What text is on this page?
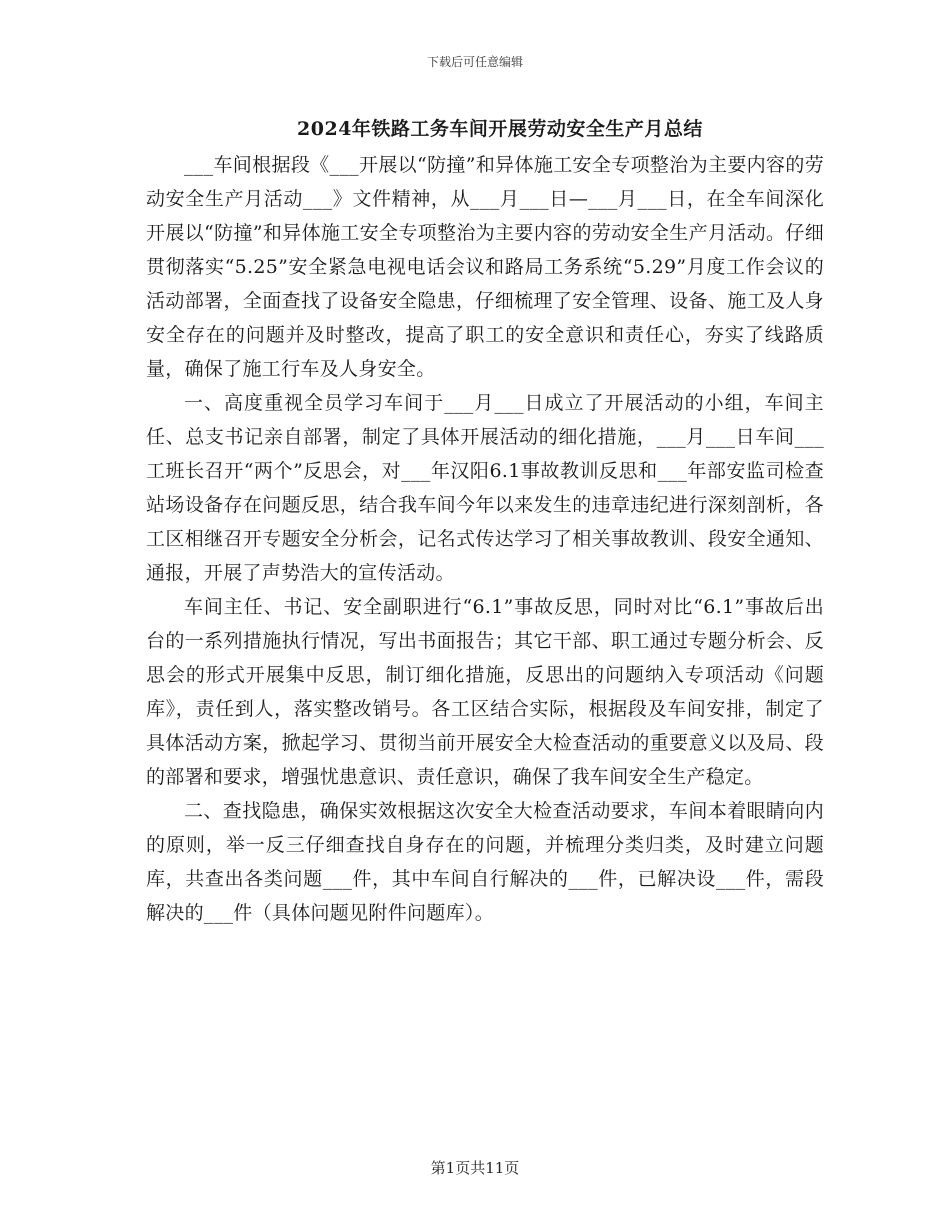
下载后可任意编辑
2024年铁路工务车间开展劳动安全生产月总结

___车间根据段《___开展以“防撞”和异体施工安全专项整治为主要内容的劳动安全生产月活动___》文件精神，从___月___日—___月___日，在全车间深化开展以“防撞”和异体施工安全专项整治为主要内容的劳动安全生产月活动。仔细贯彻落实“5.25”安全紧急电视电话会议和路局工务系统“5.29”月度工作会议的活动部署，全面查找了设备安全隐患，仔细梳理了安全管理、设备、施工及人身安全存在的问题并及时整改，提高了职工的安全意识和责任心，夯实了线路质量，确保了施工行车及人身安全。

一、高度重视全员学习车间于___月___日成立了开展活动的小组，车间主任、总支书记亲自部署，制定了具体开展活动的细化措施，___月___日车间___工班长召开“两个”反思会，对___年汉阳6.1事故教训反思和___年部安监司检查站场设备存在问题反思，结合我车间今年以来发生的违章违纪进行深刻剖析，各工区相继召开专题安全分析会，记名式传达学习了相关事故教训、段安全通知、通报，开展了声势浩大的宣传活动。

车间主任、书记、安全副职进行“6.1”事故反思，同时对比“6.1”事故后出台的一系列措施执行情况，写出书面报告；其它干部、职工通过专题分析会、反思会的形式开展集中反思，制订细化措施，反思出的问题纳入专项活动《问题库》，责任到人，落实整改销号。各工区结合实际，根据段及车间安排，制定了具体活动方案，掀起学习、贯彻当前开展安全大检查活动的重要意义以及局、段的部署和要求，增强忧患意识、责任意识，确保了我车间安全生产稳定。

二、查找隐患，确保实效根据这次安全大检查活动要求，车间本着眼睛向内的原则，举一反三仔细查找自身存在的问题，并梳理分类归类，及时建立问题库，共查出各类问题___件，其中车间自行解决的___件，已解决设___件，需段解决的___件（具体问题见附件问题库）。

第1页共11页
